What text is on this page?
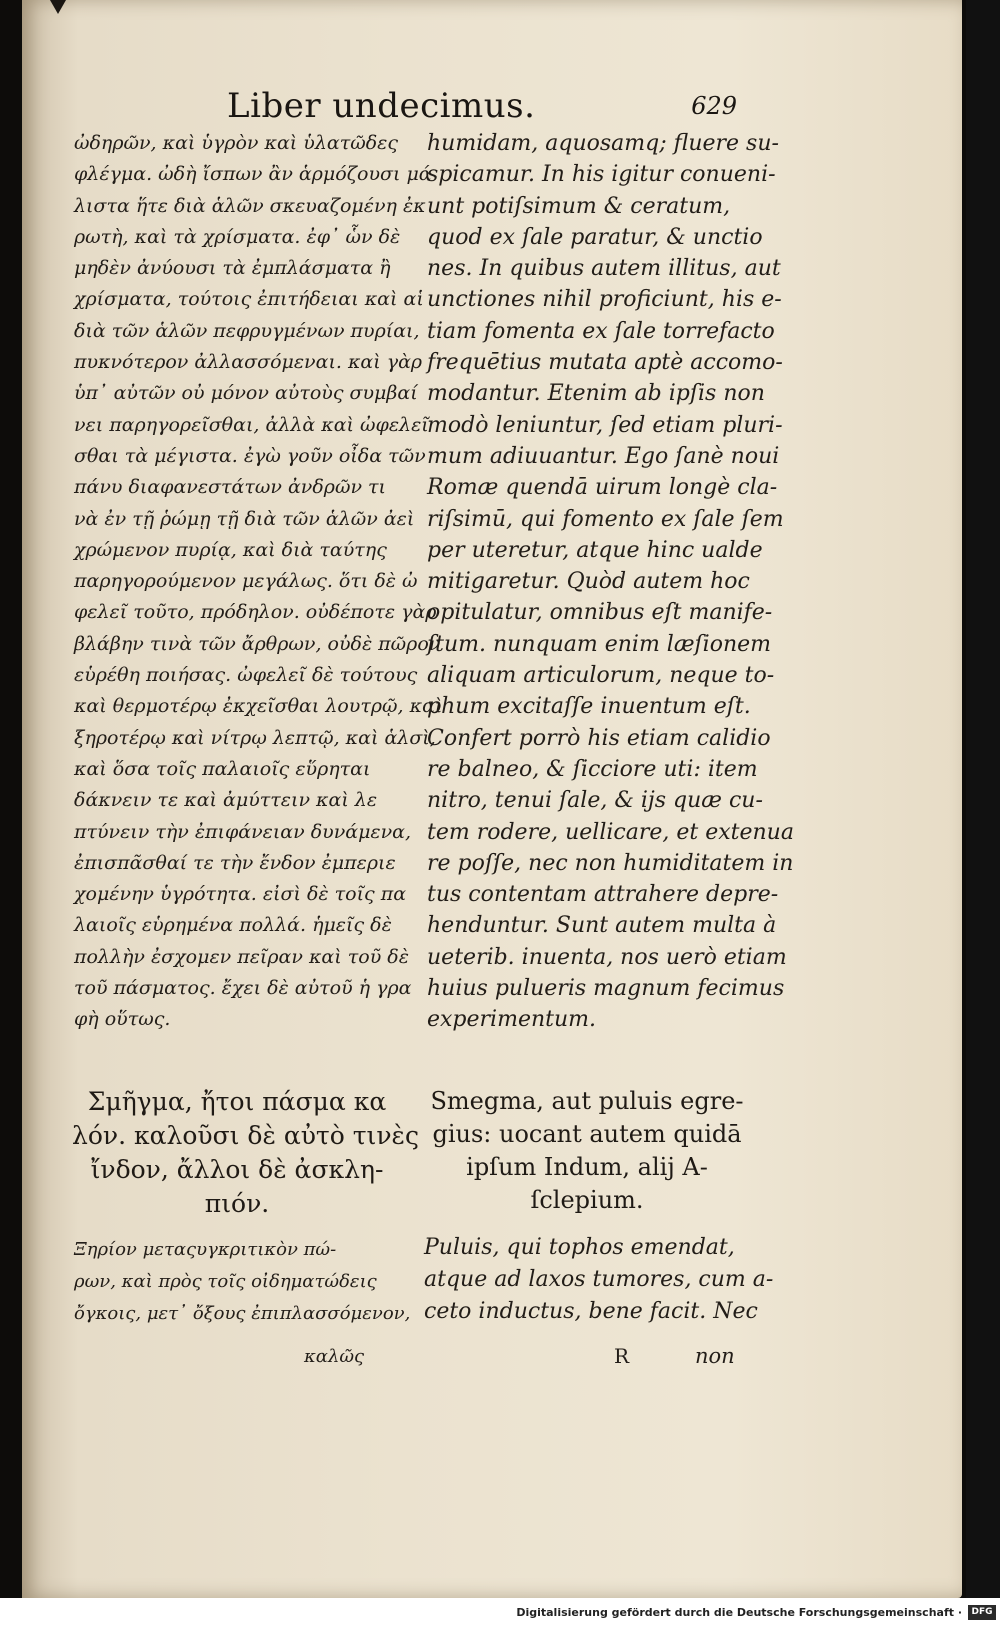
Liber undecimus.	629
ὠδηρῶν, καὶ ὑγρὸν καὶ ὑλατῶδες
φλέγμα. ὠδὴ ἴσπων ἂν ἁρμόζουσι μά
λιστα ἥτε διὰ ἁλῶν σκευαζομένη ἐκ
ρωτὴ, καὶ τὰ χρίσματα. ἐφ᾽ ὧν δὲ
μηδὲν ἀνύουσι τὰ ἐμπλάσματα ἢ
χρίσματα, τούτοις ἐπιτήδειαι καὶ αἱ
διὰ τῶν ἁλῶν πεφρυγμένων πυρίαι,
πυκνότερον ἀλλασσόμεναι. καὶ γὰρ
ὑπ᾽ αὐτῶν οὐ μόνον αὐτοὺς συμβαί
νει παρηγορεῖσθαι, ἀλλὰ καὶ ὠφελεῖ
σθαι τὰ μέγιστα. ἐγὼ γοῦν οἶδα τῶν
πάνυ διαφανεστάτων ἀνδρῶν τι
νὰ ἐν τῇ ῥώμῃ τῇ διὰ τῶν ἁλῶν ἀεὶ
χρώμενον πυρίᾳ, καὶ διὰ ταύτης
παρηγορούμενον μεγάλως. ὅτι δὲ ὠ
φελεῖ τοῦτο, πρόδηλον. οὐδέποτε γὰρ
βλάβην τινὰ τῶν ἄρθρων, οὐδὲ πῶρον
εὑρέθη ποιήσας. ὠφελεῖ δὲ τούτους
καὶ θερμοτέρῳ ἐκχεῖσθαι λουτρῷ, καὶ
ξηροτέρῳ καὶ νίτρῳ λεπτῷ, καὶ ἁλσὶ,
καὶ ὅσα τοῖς παλαιοῖς εὕρηται
δάκνειν τε καὶ ἀμύττειν καὶ λε
πτύνειν τὴν ἐπιφάνειαν δυνάμενα,
ἐπισπᾶσθαί τε τὴν ἔνδον ἐμπεριε
χομένην ὑγρότητα. εἰσὶ δὲ τοῖς πα
λαιοῖς εὑρημένα πολλά. ἡμεῖς δὲ
πολλὴν ἐσχομεν πεῖραν καὶ τοῦ δὲ
τοῦ πάσματος. ἔχει δὲ αὐτοῦ ἡ γρα
φὴ οὕτως.
humidam, aquosamq; fluere su-
spicamur. In his igitur conueni-
unt potiſsimum & ceratum,
quod ex ſale paratur, & unctio
nes. In quibus autem illitus, aut
unctiones nihil proficiunt, his e-
tiam fomenta ex ſale torrefacto
frequētius mutata aptè accomo-
modantur. Etenim ab ipſis non
modò leniuntur, ſed etiam pluri-
mum adiuuantur. Ego ſanè noui
Romæ quendā uirum longè cla-
riſsimū, qui fomento ex ſale ſem
per uteretur, atque hinc ualde
mitigaretur. Quòd autem hoc
opitulatur, omnibus eſt manife-
ſtum. nunquam enim læſionem
aliquam articulorum, neque to-
phum excitaſſe inuentum eſt.
Confert porrò his etiam calidio
re balneo, & ſicciore uti: item
nitro, tenui ſale, & ijs quæ cu-
tem rodere, uellicare, et extenua
re poſſe, nec non humiditatem in
tus contentam attrahere depre-
henduntur. Sunt autem multa à
ueterib. inuenta, nos uerò etiam
huius pulueris magnum fecimus
experimentum.
Σμῆγμα, ἤτοι πάσμα κα
λόν. καλοῦσι δὲ αὐτὸ τινὲς
ἴνδον, ἄλλοι δὲ ἀσκλη-
πιόν.
Smegma, aut puluis egre-
gius: uocant autem quidā
ipſum Indum, alij A-
ſclepium.
Ξηρίον μεταςυγκριτικὸν πώ-
ρων, καὶ πρὸς τοῖς οἰδηματώδεις
ὄγκοις, μετ᾽ ὄξους ἐπιπλασσόμενον,
Puluis, qui tophos emendat,
atque ad laxos tumores, cum a-
ceto inductus, bene facit. Nec
καλῶς	R	non
Digitalisierung gefördert durch die Deutsche Forschungsgemeinschaft ·	DFG
